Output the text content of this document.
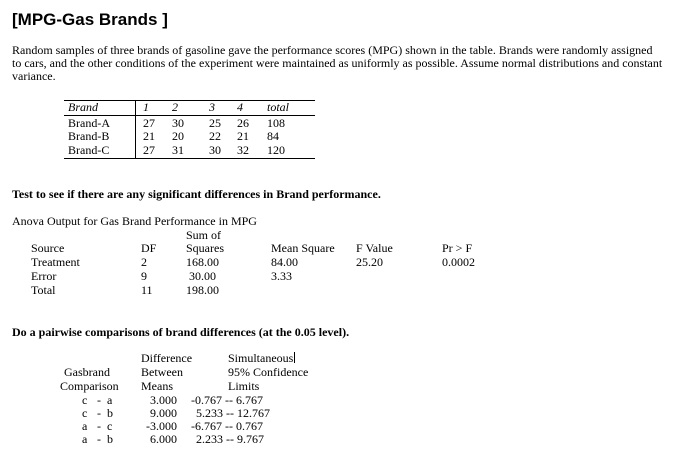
[MPG-Gas Brands ]
Random samples of three brands of gasoline gave the performance scores (MPG) shown in the table. Brands were randomly assigned to cars, and the other conditions of the experiment were maintained as uniformly as possible. Assume normal distributions and constant variance.
Brand	1 2	3 4 total
Brand-A	27 30 25 26 108
Brand-B	21 20 22 21 84
Brand-C	27 31 30 32 120
Test to see if there are any significant differences in Brand performance.
Anova Output for Gas Brand Performance in MPG
Sum of
Source	DF Squares	Mean Square F Value	Pr > F
Treatment	2	168.00	84.00	25.20	0.0002
Error	9	30.00	3.33
Total	11	198.00
Do a pairwise comparisons of brand differences (at the 0.05 level).
Difference	Simultaneous
Gasbrand	Between	95% Confidence
Comparison Means	Limits
c - a	3.000 -0.767 -- 6.767
c - b	9.000 5.233 -- 12.767
a - c	-3.000 -6.767 -- 0.767
a - b	6.000 2.233 -- 9.767
